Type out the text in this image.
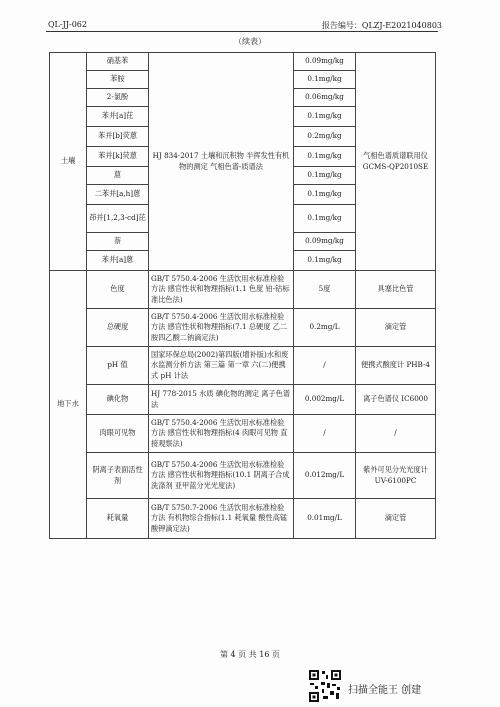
QL-JJ-062	报告编号：QLZJ-E2021040803
（续表）
土壤	硝基苯	HJ 834-2017 土壤和沉积物 半挥发性有机物的测定 气相色谱-质谱法	0.09mg/kg	气相色谱质谱联用仪 GCMS-QP2010SE
	苯胺		0.1mg/kg	
	2-氯酚		0.06mg/kg	
	苯并[a]芘		0.1mg/kg	
	苯并[b]荧蒽		0.2mg/kg	
	苯并[k]荧蒽		0.1mg/kg	
	䓛		0.1mg/kg	
	二苯并[a,h]蒽		0.1mg/kg	
	茚并[1,2,3-cd]芘		0.1mg/kg	
	萘		0.09mg/kg	
	苯并[a]蒽		0.1mg/kg	
地下水	色度	GB/T 5750.4-2006 生活饮用水标准检验方法 感官性状和物理指标(1.1 色度 铂-钴标准比色法)	5度	具塞比色管
	总硬度	GB/T 5750.4-2006 生活饮用水标准检验方法 感官性状和物理指标(7.1 总硬度 乙二胺四乙酸二钠滴定法)	0.2mg/L	滴定管
	pH 值	国家环保总局(2002)第四版(增补版)水和废水监测分析方法 第三篇 第一章 六(二)便携式 pH 计法	/	便携式酸度计 PHB-4
	碘化物	HJ 778-2015 水质 碘化物的测定 离子色谱法	0.002mg/L	离子色谱仪 IC6000
	肉眼可见物	GB/T 5750.4-2006 生活饮用水标准检验方法 感官性状和物理指标(4 肉眼可见物 直接观察法)	/	/
	阴离子表面活性剂	GB/T 5750.4-2006 生活饮用水标准检验方法 感官性状和物理指标(10.1 阴离子合成洗涤剂 亚甲蓝分光光度法)	0.012mg/L	紫外可见分光光度计 UV-6100PC
	耗氧量	GB/T 5750.7-2006 生活饮用水标准检验方法 有机物综合指标(1.1 耗氧量 酸性高锰酸钾滴定法)	0.01mg/L	滴定管
第 4 页 共 16 页
扫描全能王 创建
